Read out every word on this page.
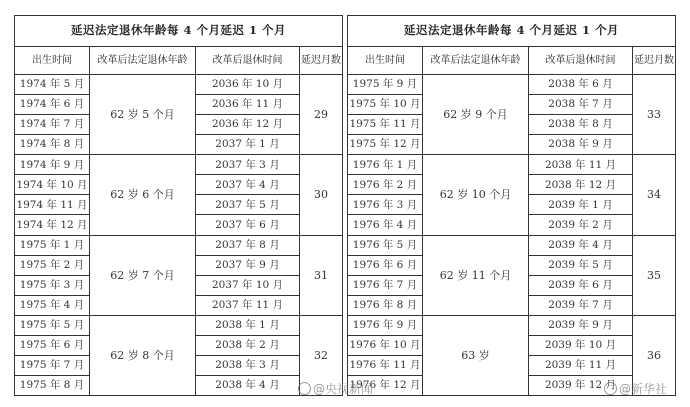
延迟法定退休年龄每 4 个月延迟 1 个月			
出生时间	改革后法定退休年龄	改革后退休时间	延迟月数
1974 年 5 月	62 岁 5 个月	2036 年 10 月	29
1974 年 6 月		2036 年 11 月	
1974 年 7 月		2036 年 12 月	
1974 年 8 月		2037 年 1 月	
1974 年 9 月	62 岁 6 个月	2037 年 3 月	30
1974 年 10 月		2037 年 4 月	
1974 年 11 月		2037 年 5 月	
1974 年 12 月		2037 年 6 月	
1975 年 1 月	62 岁 7 个月	2037 年 8 月	31
1975 年 2 月		2037 年 9 月	
1975 年 3 月		2037 年 10 月	
1975 年 4 月		2037 年 11 月	
1975 年 5 月	62 岁 8 个月	2038 年 1 月	32
1975 年 6 月		2038 年 2 月	
1975 年 7 月		2038 年 3 月	
1975 年 8 月		2038 年 4 月	
延迟法定退休年龄每 4 个月延迟 1 个月			
出生时间	改革后法定退休年龄	改革后退休时间	延迟月数
1975 年 9 月	62 岁 9 个月	2038 年 6 月	33
1975 年 10 月		2038 年 7 月	
1975 年 11 月		2038 年 8 月	
1975 年 12 月		2038 年 9 月	
1976 年 1 月	62 岁 10 个月	2038 年 11 月	34
1976 年 2 月		2038 年 12 月	
1976 年 3 月		2039 年 1 月	
1976 年 4 月		2039 年 2 月	
1976 年 5 月	62 岁 11 个月	2039 年 4 月	35
1976 年 6 月		2039 年 5 月	
1976 年 7 月		2039 年 6 月	
1976 年 8 月		2039 年 7 月	
1976 年 9 月	63 岁	2039 年 9 月	36
1976 年 10 月		2039 年 10 月	
1976 年 11 月		2039 年 11 月	
1976 年 12 月		2039 年 12 月	
@央视新闻	@新华社
